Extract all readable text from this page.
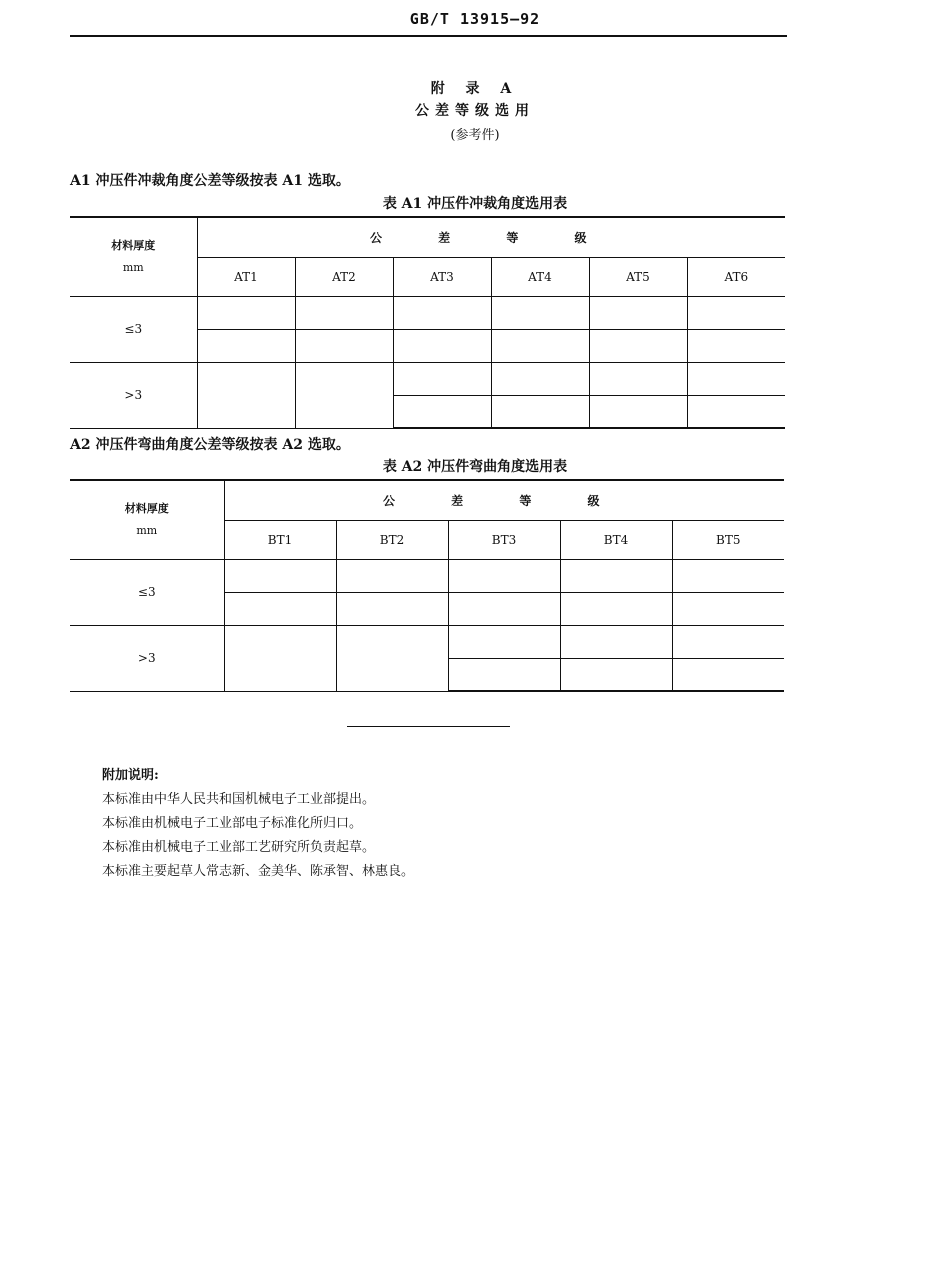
GB/T 13915—92
附 录 A
公差等级选用
(参考件)
A1 冲压件冲裁角度公差等级按表 A1 选取。
表 A1 冲压件冲裁角度选用表
材料厚度
mm	公 差 等 级					
	AT1	AT2	AT3	AT4	AT5	AT6
≤3						

>3						

A2 冲压件弯曲角度公差等级按表 A2 选取。
表 A2 冲压件弯曲角度选用表
材料厚度
mm	公 差 等 级				
	BT1	BT2	BT3	BT4	BT5
≤3					

>3					

附加说明:
本标准由中华人民共和国机械电子工业部提出。
本标准由机械电子工业部电子标准化所归口。
本标准由机械电子工业部工艺研究所负责起草。
本标准主要起草人常志新、金美华、陈承智、林惠良。
